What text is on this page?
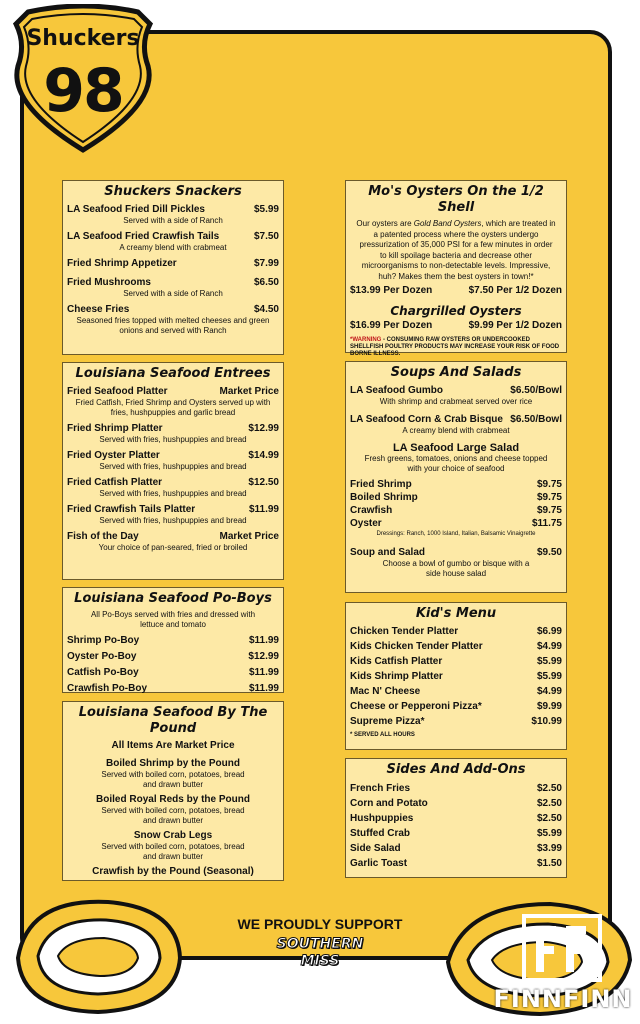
Shuckers
98
Shuckers Snackers
LA Seafood Fried Dill Pickles	$5.99
Served with a side of Ranch
LA Seafood Fried Crawfish Tails	$7.50
A creamy blend with crabmeat
Fried Shrimp Appetizer	$7.99
Fried Mushrooms	$6.50
Served with a side of Ranch
Cheese Fries	$4.50
Seasoned fries topped with melted cheeses and green onions and served with Ranch
Louisiana Seafood Entrees
Fried Seafood Platter	Market Price
Fried Catfish, Fried Shrimp and Oysters served up with fries, hushpuppies and garlic bread
Fried Shrimp Platter	$12.99
Served with fries, hushpuppies and bread
Fried Oyster Platter	$14.99
Served with fries, hushpuppies and bread
Fried Catfish Platter	$12.50
Served with fries, hushpuppies and bread
Fried Crawfish Tails Platter	$11.99
Served with fries, hushpuppies and bread
Fish of the Day	Market Price
Your choice of pan-seared, fried or broiled
Louisiana Seafood Po-Boys
All Po-Boys served with fries and dressed with lettuce and tomato
Shrimp Po-Boy	$11.99
Oyster Po-Boy	$12.99
Catfish Po-Boy	$11.99
Crawfish Po-Boy	$11.99
Louisiana Seafood By The Pound
All Items Are Market Price
Boiled Shrimp by the Pound
Served with boiled corn, potatoes, bread and drawn butter
Boiled Royal Reds by the Pound
Served with boiled corn, potatoes, bread and drawn butter
Snow Crab Legs
Served with boiled corn, potatoes, bread and drawn butter
Crawfish by the Pound (Seasonal)
Mo's Oysters On the 1/2 Shell
Our oysters are Gold Band Oysters, which are treated in a patented process where the oysters undergo pressurization of 35,000 PSI for a few minutes in order to kill spoilage bacteria and decrease other microorganisms to non-detectable levels. Impressive, huh? Makes them the best oysters in town!*
$13.99 Per Dozen	$7.50 Per 1/2 Dozen
Chargrilled Oysters
$16.99 Per Dozen	$9.99 Per 1/2 Dozen
*WARNING - CONSUMING RAW OYSTERS OR UNDERCOOKED SHELLFISH POULTRY PRODUCTS MAY INCREASE YOUR RISK OF FOOD BORNE ILLNESS.
Soups And Salads
LA Seafood Gumbo	$6.50/Bowl
With shrimp and crabmeat served over rice
LA Seafood Corn & Crab Bisque $6.50/Bowl
A creamy blend with crabmeat
LA Seafood Large Salad
Fresh greens, tomatoes, onions and cheese topped with your choice of seafood
Fried Shrimp	$9.75
Boiled Shrimp	$9.75
Crawfish	$9.75
Oyster	$11.75
Dressings: Ranch, 1000 Island, Italian, Balsamic Vinaigrette
Soup and Salad	$9.50
Choose a bowl of gumbo or bisque with a side house salad
Kid's Menu
Chicken Tender Platter	$6.99
Kids Chicken Tender Platter	$4.99
Kids Catfish Platter	$5.99
Kids Shrimp Platter	$5.99
Mac N' Cheese	$4.99
Cheese or Pepperoni Pizza*	$9.99
Supreme Pizza*	$10.99
* SERVED ALL HOURS
Sides And Add-Ons
French Fries	$2.50
Corn and Potato	$2.50
Hushpuppies	$2.50
Stuffed Crab	$5.99
Side Salad	$3.99
Garlic Toast	$1.50
WE PROUDLY SUPPORT
SOUTHERN
MISS
FINNFINN
